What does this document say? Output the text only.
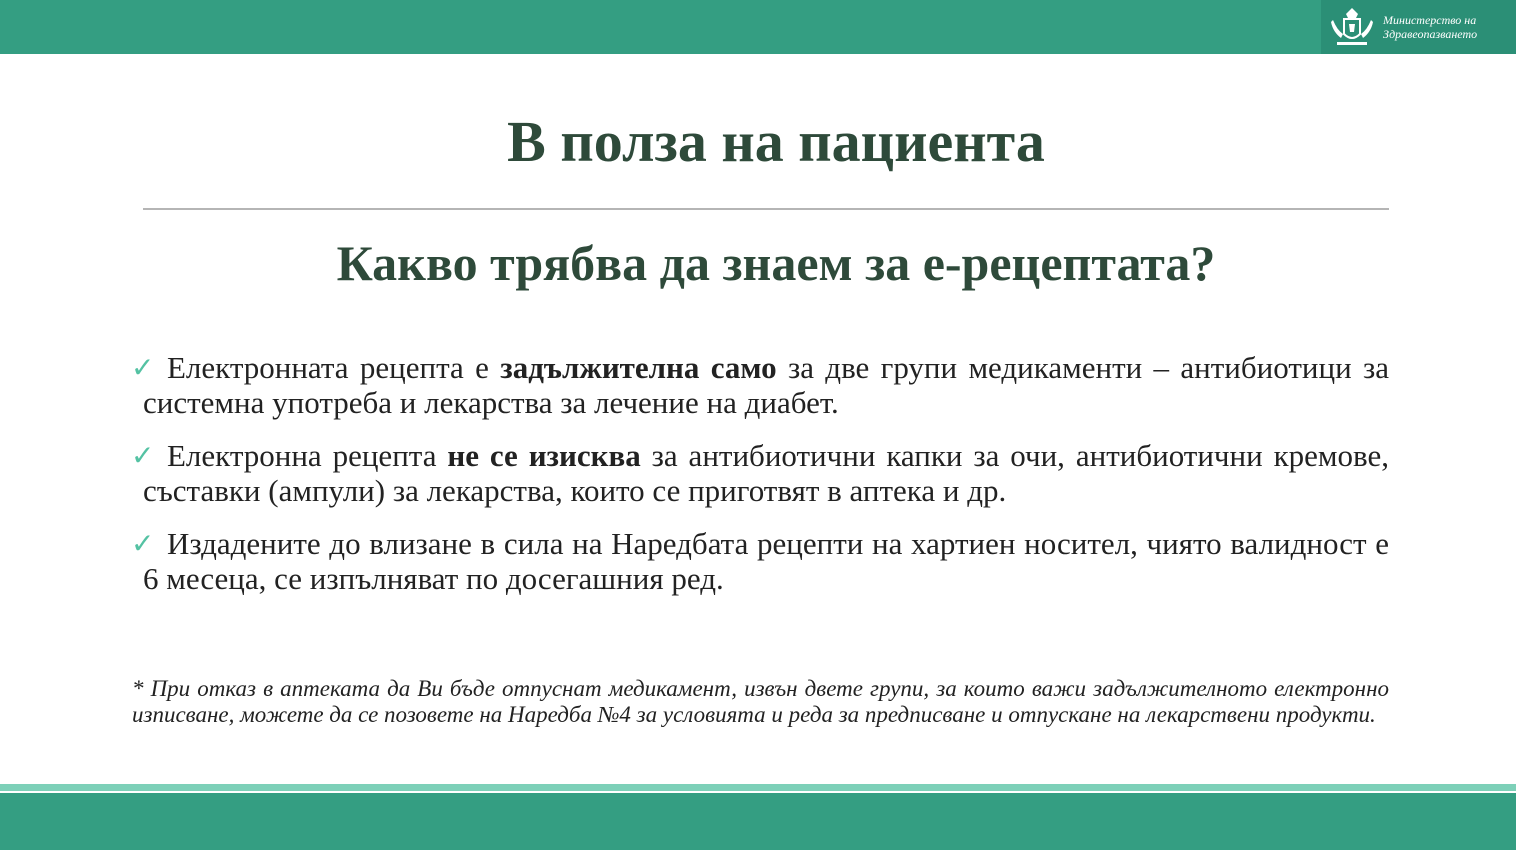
Министерство на
Здравеопазването
В полза на пациента
Какво трябва да знаем за е-рецептата?
✓ Електронната рецепта е задължителна само за две групи медикаменти – антибиотици за системна употреба и лекарства за лечение на диабет.
✓ Електронна рецепта не се изисква за антибиотични капки за очи, антибиотични кремове, съставки (ампули) за лекарства, които се приготвят в аптека и др.
✓ Издадените до влизане в сила на Наредбата рецепти на хартиен носител, чиято валидност е 6 месеца, се изпълняват по досегашния ред.
* При отказ в аптеката да Ви бъде отпуснат медикамент, извън двете групи, за които важи задължителното електронно изписване, можете да се позовете на Наредба №4 за условията и реда за предписване и отпускане на лекарствени продукти.
